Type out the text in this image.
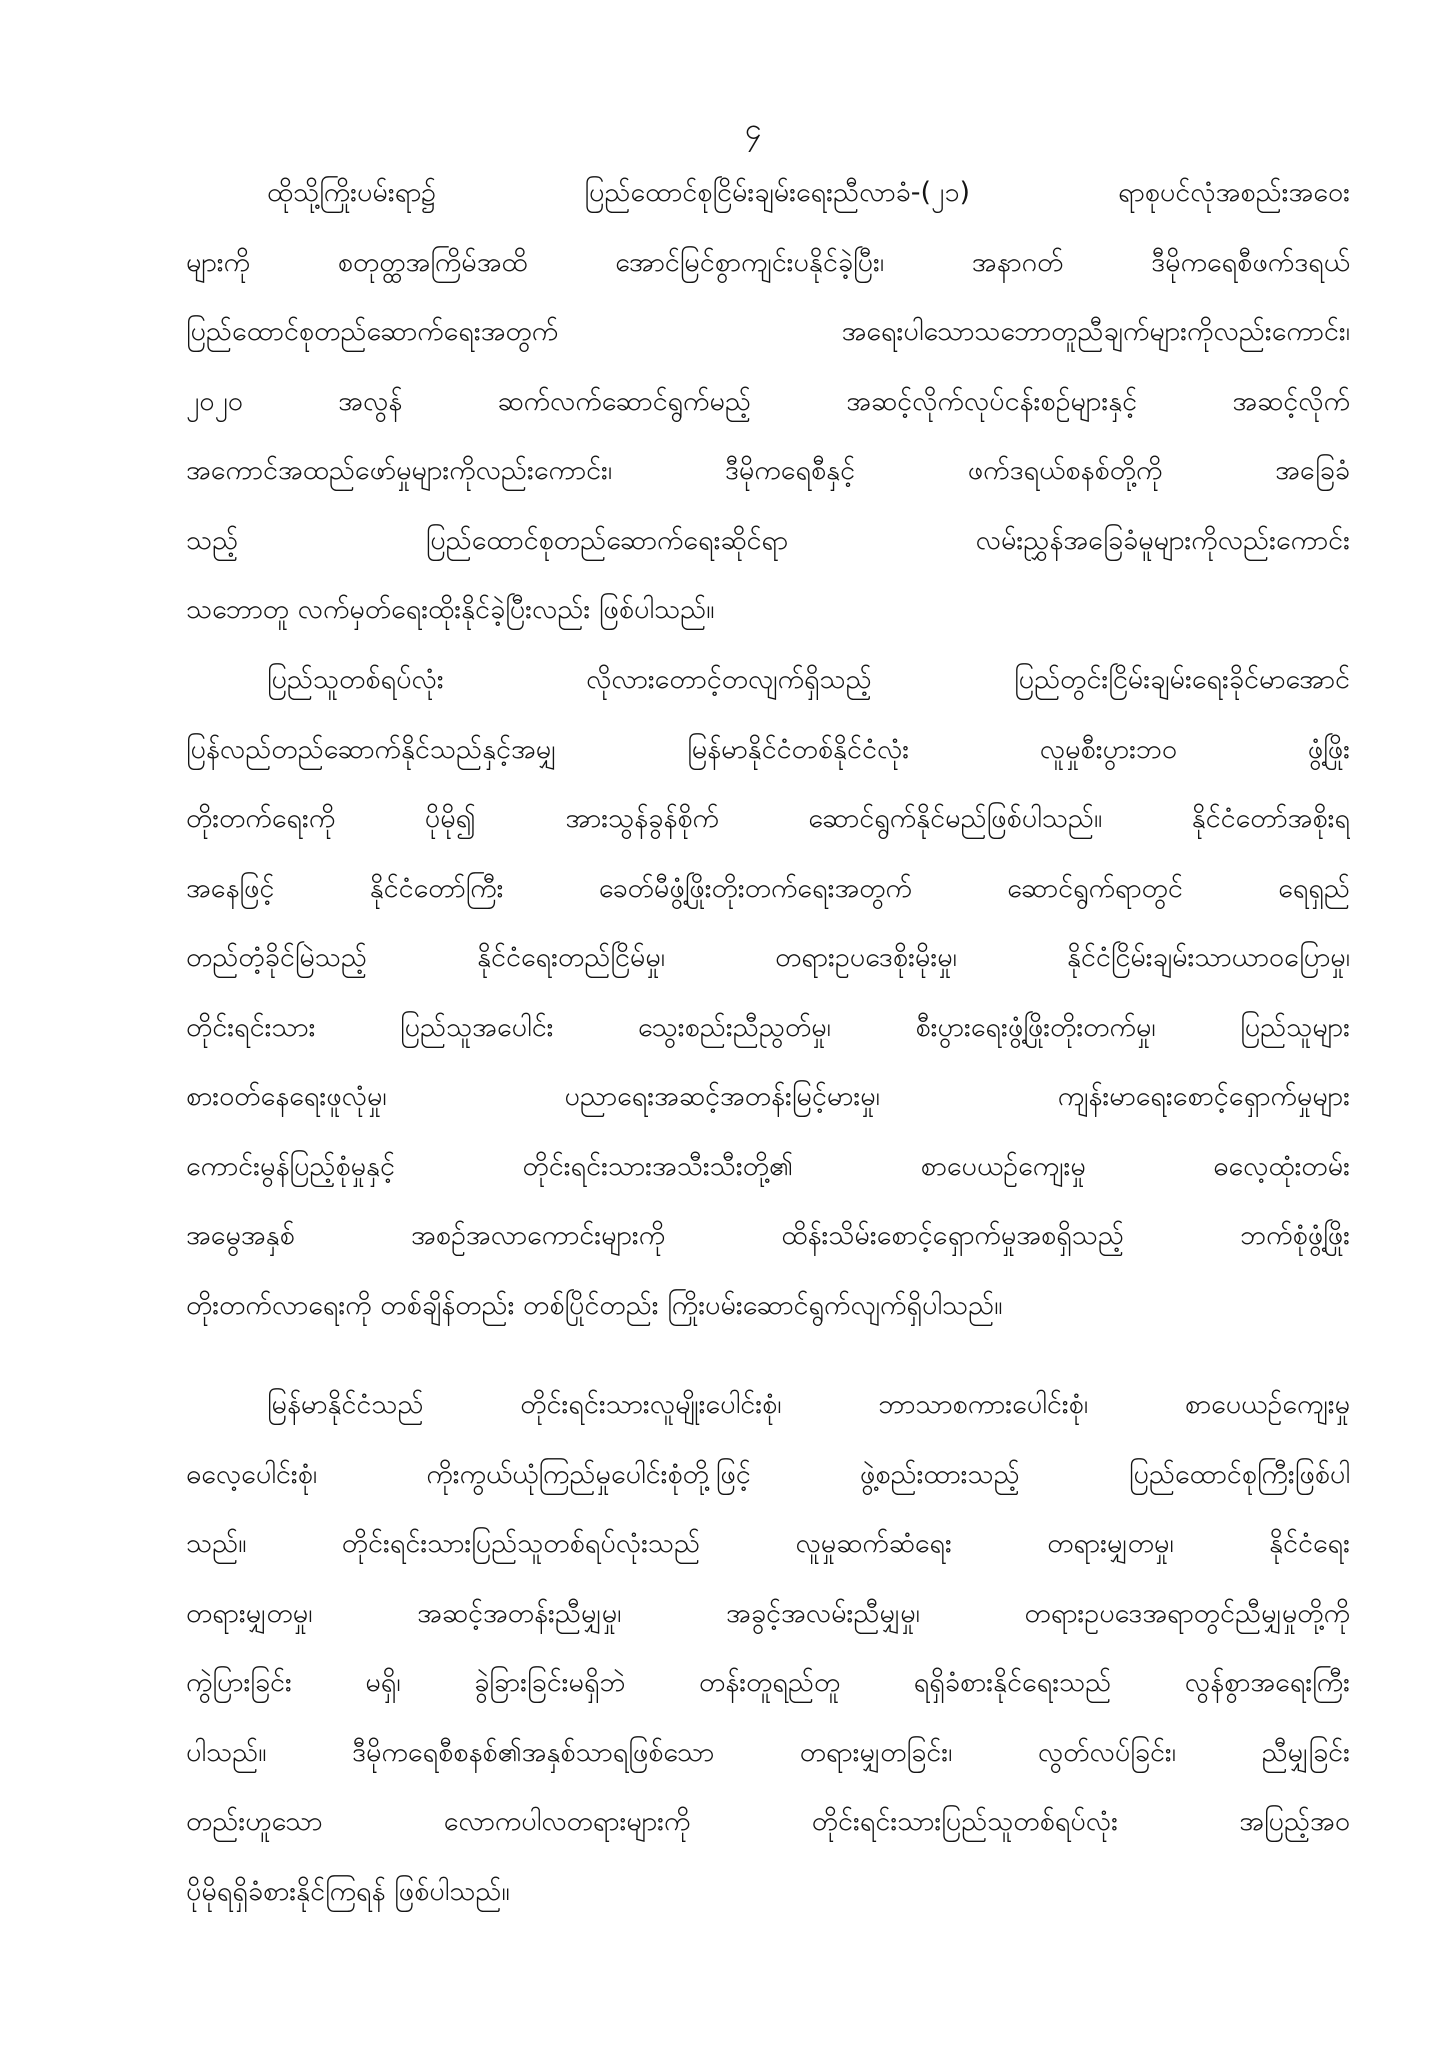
၄
ထိုသို့ကြိုးပမ်းရာ၌ ပြည်ထောင်စုငြိမ်းချမ်းရေးညီလာခံ-(၂၁) ရာစုပင်လုံအစည်းအဝေး
များကို စတုတ္ထအကြိမ်အထိ အောင်မြင်စွာကျင်းပနိုင်ခဲ့ပြီး၊ အနာဂတ် ဒီမိုကရေစီဖက်ဒရယ်
ပြည်ထောင်စုတည်ဆောက်ရေးအတွက် အရေးပါသောသဘောတူညီချက်များကိုလည်းကောင်း၊
၂၀၂၀ အလွန် ဆက်လက်ဆောင်ရွက်မည့် အဆင့်လိုက်လုပ်ငန်းစဉ်များနှင့် အဆင့်လိုက်
အကောင်အထည်ဖော်မှုများကိုလည်းကောင်း၊ ဒီမိုကရေစီနှင့် ဖက်ဒရယ်စနစ်တို့ကို အခြေခံ
သည့် ပြည်ထောင်စုတည်ဆောက်ရေးဆိုင်ရာ လမ်းညွှန်အခြေခံမူများကိုလည်းကောင်း
သဘောတူ လက်မှတ်ရေးထိုးနိုင်ခဲ့ပြီးလည်း ဖြစ်ပါသည်။
ပြည်သူတစ်ရပ်လုံး လိုလားတောင့်တလျက်ရှိသည့် ပြည်တွင်းငြိမ်းချမ်းရေးခိုင်မာအောင်
ပြန်လည်တည်ဆောက်နိုင်သည်နှင့်အမျှ မြန်မာနိုင်ငံတစ်နိုင်ငံလုံး လူမှုစီးပွားဘဝ ဖွံ့ဖြိုး
တိုးတက်ရေးကို ပိုမို၍ အားသွန်ခွန်စိုက် ဆောင်ရွက်နိုင်မည်ဖြစ်ပါသည်။ နိုင်ငံတော်အစိုးရ
အနေဖြင့် နိုင်ငံတော်ကြီး ခေတ်မီဖွံ့ဖြိုးတိုးတက်ရေးအတွက် ဆောင်ရွက်ရာတွင် ရေရှည်
တည်တံ့ခိုင်မြဲသည့် နိုင်ငံရေးတည်ငြိမ်မှု၊ တရားဥပဒေစိုးမိုးမှု၊ နိုင်ငံငြိမ်းချမ်းသာယာဝပြောမှု၊
တိုင်းရင်းသား ပြည်သူအပေါင်း သွေးစည်းညီညွတ်မှု၊ စီးပွားရေးဖွံ့ဖြိုးတိုးတက်မှု၊ ပြည်သူများ
စားဝတ်နေရေးဖူလုံမှု၊ ပညာရေးအဆင့်အတန်းမြင့်မားမှု၊ ကျန်းမာရေးစောင့်ရှောက်မှုများ
ကောင်းမွန်ပြည့်စုံမှုနှင့် တိုင်းရင်းသားအသီးသီးတို့၏ စာပေယဉ်ကျေးမှု ဓလေ့ထုံးတမ်း
အမွေအနှစ် အစဉ်အလာကောင်းများကို ထိန်းသိမ်းစောင့်ရှောက်မှုအစရှိသည့် ဘက်စုံဖွံ့ဖြိုး
တိုးတက်လာရေးကို တစ်ချိန်တည်း တစ်ပြိုင်တည်း ကြိုးပမ်းဆောင်ရွက်လျက်ရှိပါသည်။
မြန်မာနိုင်ငံသည် တိုင်းရင်းသားလူမျိုးပေါင်းစုံ၊ ဘာသာစကားပေါင်းစုံ၊ စာပေယဉ်ကျေးမှု
ဓလေ့ပေါင်းစုံ၊ ကိုးကွယ်ယုံကြည်မှုပေါင်းစုံတို့ဖြင့် ဖွဲ့စည်းထားသည့် ပြည်ထောင်စုကြီးဖြစ်ပါ
သည်။ တိုင်းရင်းသားပြည်သူတစ်ရပ်လုံးသည် လူမှုဆက်ဆံရေး တရားမျှတမှု၊ နိုင်ငံရေး
တရားမျှတမှု၊ အဆင့်အတန်းညီမျှမှု၊ အခွင့်အလမ်းညီမျှမှု၊ တရားဥပဒေအရာတွင်ညီမျှမှုတို့ကို
ကွဲပြားခြင်း မရှိ၊ ခွဲခြားခြင်းမရှိဘဲ တန်းတူရည်တူ ရရှိခံစားနိုင်ရေးသည် လွန်စွာအရေးကြီး
ပါသည်။ ဒီမိုကရေစီစနစ်၏အနှစ်သာရဖြစ်သော တရားမျှတခြင်း၊ လွတ်လပ်ခြင်း၊ ညီမျှခြင်း
တည်းဟူသော လောကပါလတရားများကို တိုင်းရင်းသားပြည်သူတစ်ရပ်လုံး အပြည့်အဝ
ပိုမိုရရှိခံစားနိုင်ကြရန် ဖြစ်ပါသည်။
